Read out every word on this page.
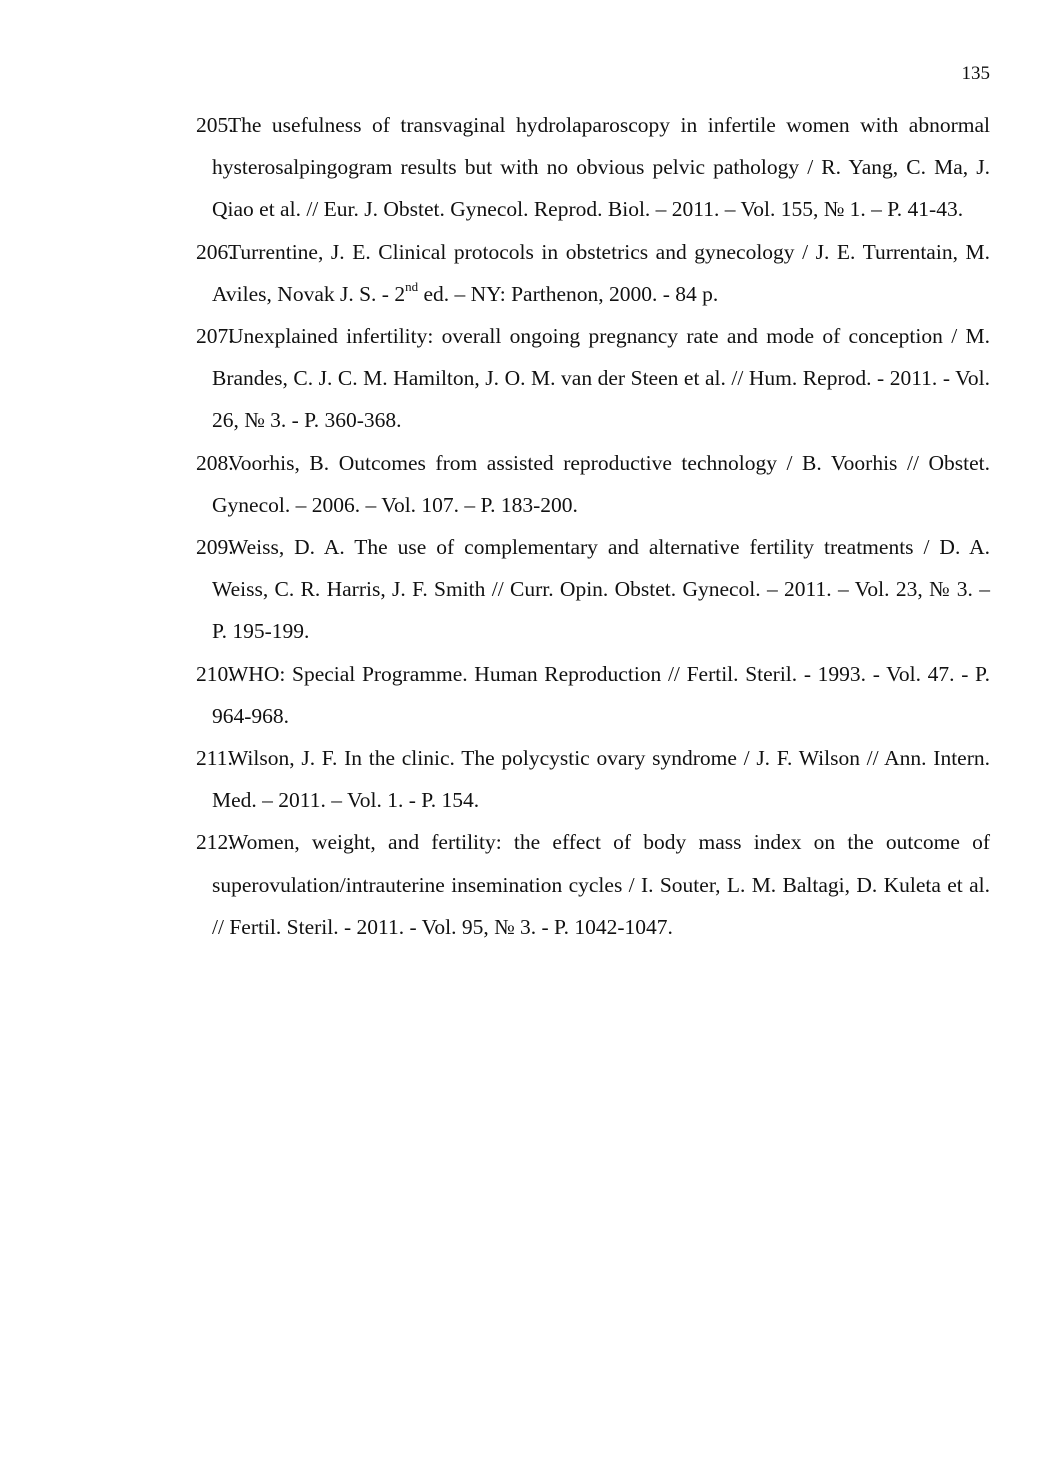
135
205.
The usefulness of transvaginal hydrolaparoscopy in infertile women with abnormal hysterosalpingogram results but with no obvious pelvic pathology / R. Yang, C. Ma, J. Qiao et al. // Eur. J. Obstet. Gynecol. Reprod. Biol. – 2011. – Vol. 155, № 1. – P. 41-43.
206.
Turrentine, J. E. Clinical protocols in obstetrics and gynecology / J. E. Turrentain, M. Aviles, Novak J. S. - 2nd ed. – NY: Parthenon, 2000. - 84 p.
207.
Unexplained infertility: overall ongoing pregnancy rate and mode of conception / M. Brandes, C. J. C. M. Hamilton, J. O. M. van der Steen et al. // Hum. Reprod. - 2011. - Vol. 26, № 3. - P. 360-368.
208.
Voorhis, B. Outcomes from assisted reproductive technology / B. Voorhis // Obstet. Gynecol. – 2006. – Vol. 107. – P. 183-200.
209.
Weiss, D. A. The use of complementary and alternative fertility treatments / D. A. Weiss, C. R. Harris, J. F. Smith // Curr. Opin. Obstet. Gynecol. – 2011. – Vol. 23, № 3. – P. 195-199.
210.
WHO: Special Programme. Human Reproduction // Fertil. Steril. - 1993. - Vol. 47. - P. 964-968.
211.
Wilson, J. F. In the clinic. The polycystic ovary syndrome / J. F. Wilson // Ann. Intern. Med. – 2011. – Vol. 1. - P. 154.
212.
Women, weight, and fertility: the effect of body mass index on the outcome of superovulation/intrauterine insemination cycles / I. Souter, L. M. Baltagi, D. Kuleta et al. // Fertil. Steril. - 2011. - Vol. 95, № 3. - P. 1042-1047.
